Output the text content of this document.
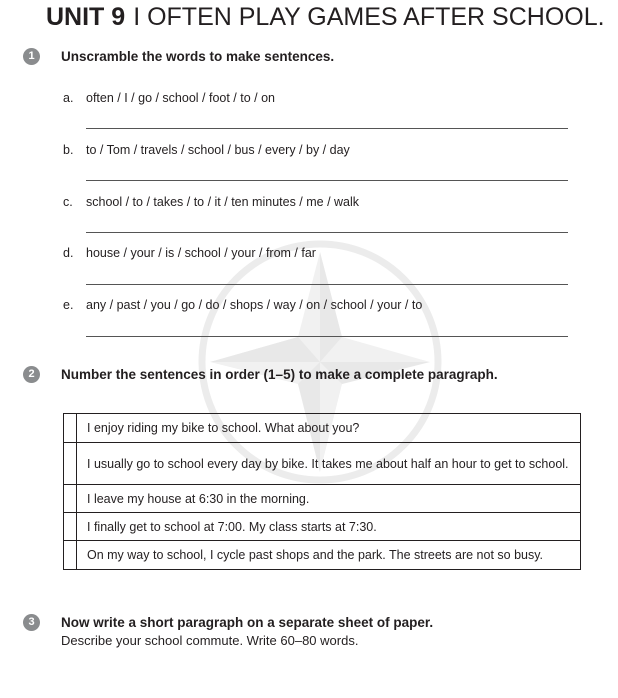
UNIT 9 I OFTEN PLAY GAMES AFTER SCHOOL.
1	Unscramble the words to make sentences.
a. often / I / go / school / foot / to / on
b. to / Tom / travels / school / bus / every / by / day
c. school / to / takes / to / it / ten minutes / me / walk
d. house / your / is / school / your / from / far
e. any / past / you / go / do / shops / way / on / school / your / to
2	Number the sentences in order (1–5) to make a complete paragraph.
	I enjoy riding my bike to school. What about you?
	I usually go to school every day by bike. It takes me about half an hour to get to school.
	I leave my house at 6:30 in the morning.
	I finally get to school at 7:00. My class starts at 7:30.
	On my way to school, I cycle past shops and the park. The streets are not so busy.
3	Now write a short paragraph on a separate sheet of paper.
Describe your school commute. Write 60–80 words.
